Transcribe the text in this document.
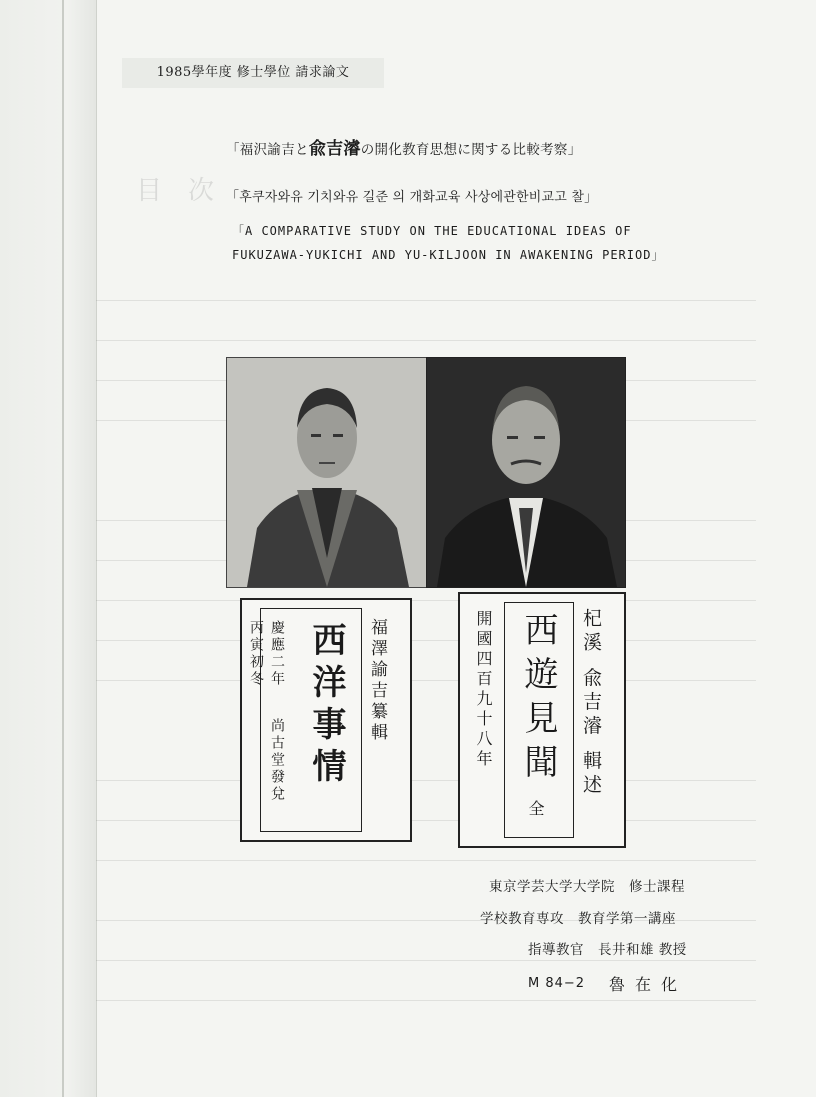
目　次
1985學年度 修士學位 請求論文
「福沢諭吉と兪吉濬の開化教育思想に関する比較考察」
「후쿠자와유 기치와유 길준 의 개화교육 사상에관한비교고 찰」
「A COMPARATIVE STUDY ON THE EDUCATIONAL IDEAS OF
FUKUZAWA-YUKICHI AND YU-KILJOON IN AWAKENING PERIOD」
福澤諭吉纂輯
西洋事情
慶應二年
丙寅初冬
尚古堂發兌	杞溪 兪吉濬 輯述
西遊見聞
全
開國四百九十八年
東京学芸大学大学院　修士課程
学校教育専攻　教育学第一講座
指導教官　長井和雄 教授
M 84−2 魯在化
